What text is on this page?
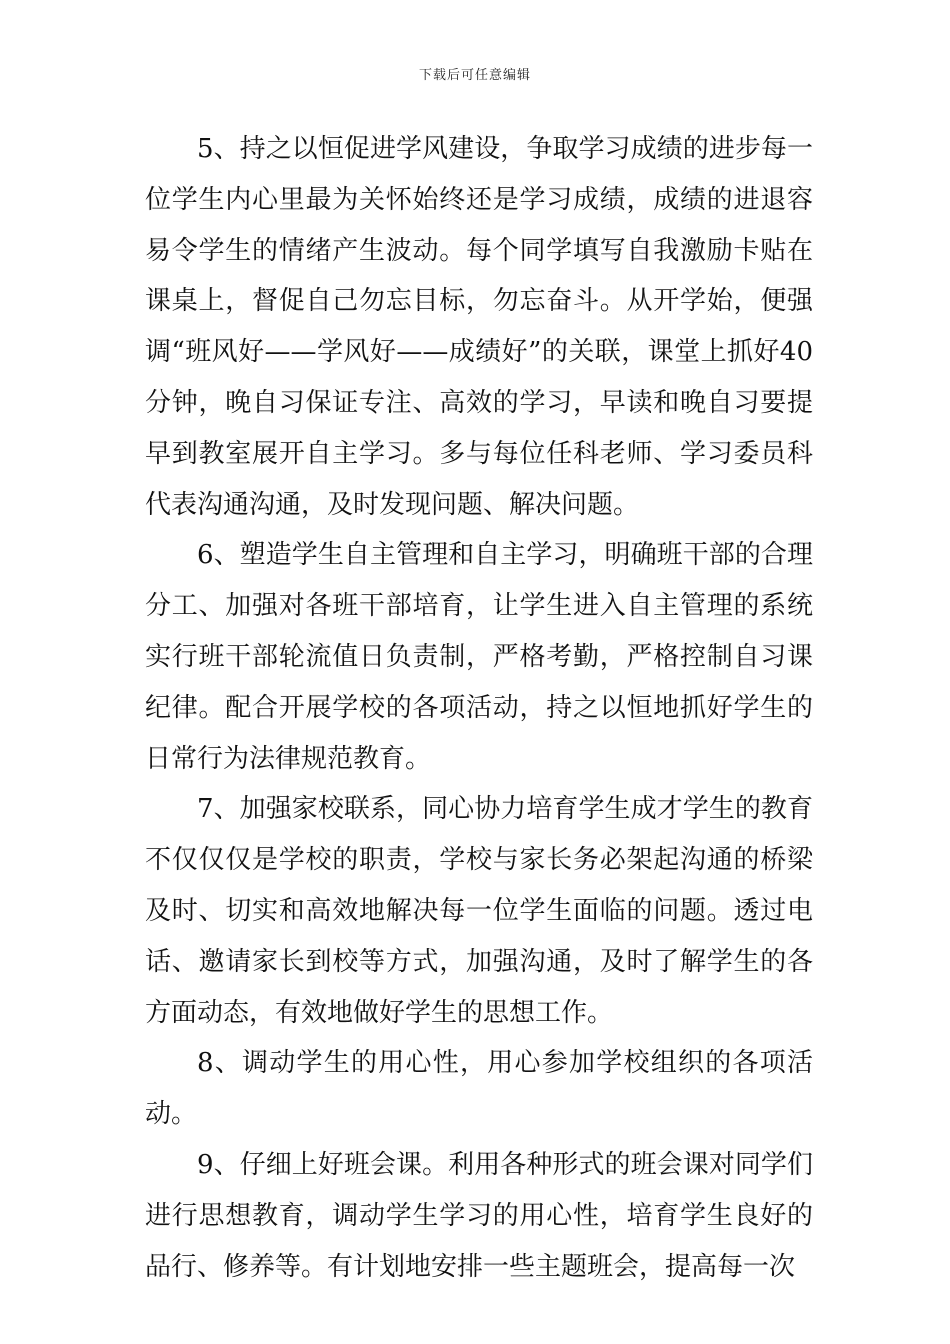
下载后可任意编辑

5、持之以恒促进学风建设，争取学习成绩的进步每一位学生内心里最为关怀始终还是学习成绩，成绩的进退容易令学生的情绪产生波动。每个同学填写自我激励卡贴在课桌上，督促自己勿忘目标，勿忘奋斗。从开学始，便强调“班风好——学风好——成绩好”的关联，课堂上抓好40分钟，晚自习保证专注、高效的学习，早读和晚自习要提早到教室展开自主学习。多与每位任科老师、学习委员科代表沟通沟通，及时发现问题、解决问题。

6、塑造学生自主管理和自主学习，明确班干部的合理分工、加强对各班干部培育，让学生进入自主管理的系统实行班干部轮流值日负责制，严格考勤，严格控制自习课纪律。配合开展学校的各项活动，持之以恒地抓好学生的日常行为法律规范教育。

7、加强家校联系，同心协力培育学生成才学生的教育不仅仅仅是学校的职责，学校与家长务必架起沟通的桥梁及时、切实和高效地解决每一位学生面临的问题。透过电话、邀请家长到校等方式，加强沟通，及时了解学生的各方面动态，有效地做好学生的思想工作。

8、调动学生的用心性，用心参加学校组织的各项活动。

9、仔细上好班会课。利用各种形式的班会课对同学们进行思想教育，调动学生学习的用心性，培育学生良好的品行、修养等。有计划地安排一些主题班会，提高每一次
